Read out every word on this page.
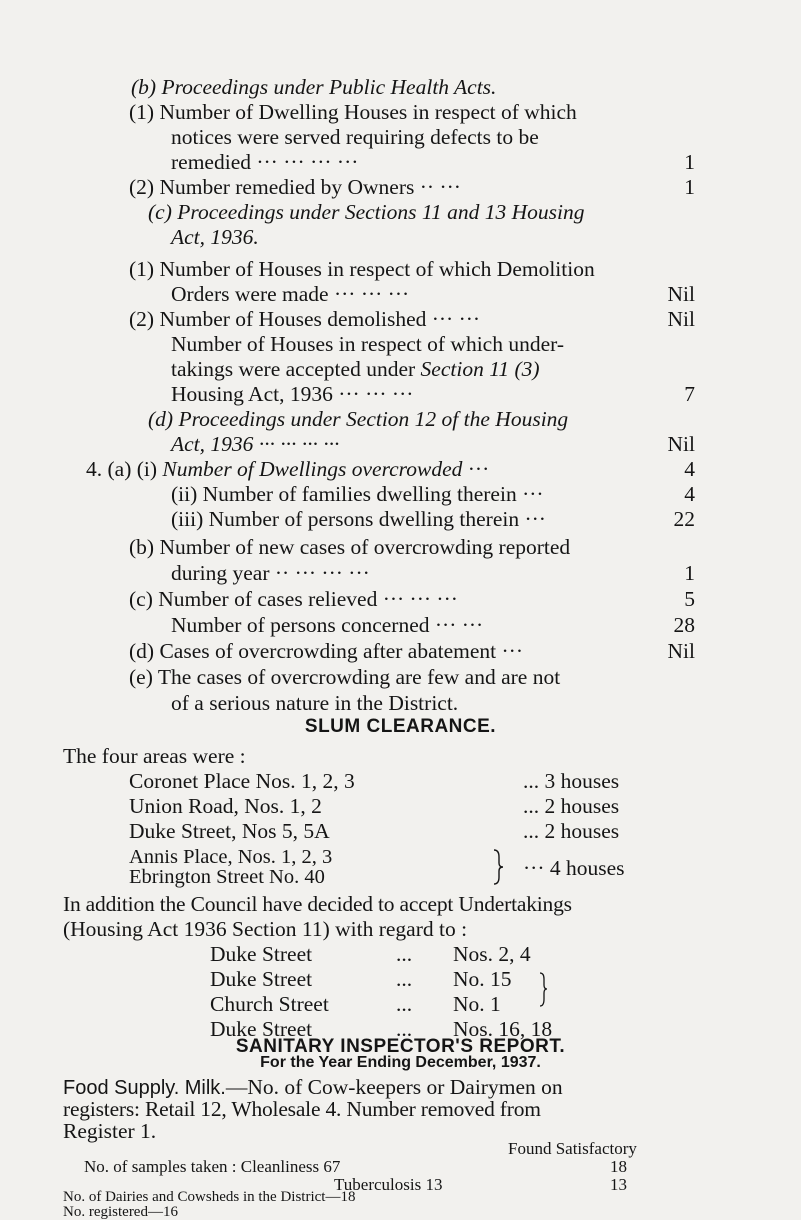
(b) Proceedings under Public Health Acts.
(1) Number of Dwelling Houses in respect of which
notices were served requiring defects to be
remedied ··· ··· ··· ···	1
(2) Number remedied by Owners ·· ···	1
(c) Proceedings under Sections 11 and 13 Housing
Act, 1936.
(1) Number of Houses in respect of which Demolition
Orders were made ··· ··· ···	Nil
(2) Number of Houses demolished ··· ···	Nil
Number of Houses in respect of which under-
takings were accepted under Section 11 (3)
Housing Act, 1936 ··· ··· ···	7
(d) Proceedings under Section 12 of the Housing
Act, 1936 ··· ··· ··· ···	Nil
4. (a) (i) Number of Dwellings overcrowded ···	4
(ii) Number of families dwelling therein ···	4
(iii) Number of persons dwelling therein ···	22
(b) Number of new cases of overcrowding reported
during year ·· ··· ··· ···	1
(c) Number of cases relieved ··· ··· ···	5
Number of persons concerned ··· ···	28
(d) Cases of overcrowding after abatement ···	Nil
(e) The cases of overcrowding are few and are not
of a serious nature in the District.
SLUM CLEARANCE.
The four areas were :
Coronet Place Nos. 1, 2, 3	... 3 houses
Union Road, Nos. 1, 2	... 2 houses
Duke Street, Nos 5, 5A	... 2 houses
Annis Place, Nos. 1, 2, 3
Ebrington Street No. 40	··· 4 houses
In addition the Council have decided to accept Undertakings
(Housing Act 1936 Section 11) with regard to :
Duke Street	... Nos. 2, 4
Duke Street	... No. 15
Church Street	... No. 1
Duke Street	... Nos. 16, 18
SANITARY INSPECTOR'S REPORT.
For the Year Ending December, 1937.
Food Supply. Milk.—No. of Cow-keepers or Dairymen on
registers: Retail 12, Wholesale 4. Number removed from
Register 1.
Found Satisfactory
No. of samples taken : Cleanliness 67	18
Tuberculosis 13	13
No. of Dairies and Cowsheds in the District—18
No. registered—16
